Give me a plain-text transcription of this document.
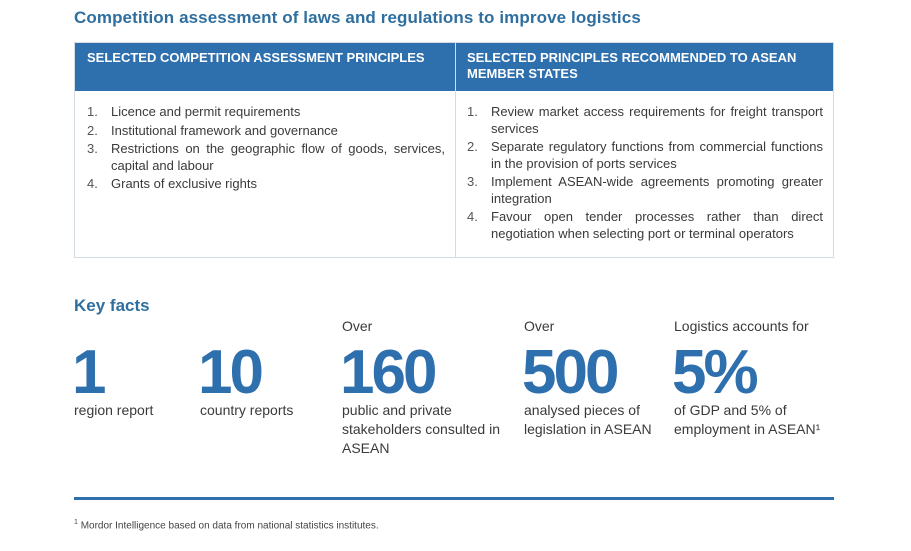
Competition assessment of laws and regulations to improve logistics
SELECTED COMPETITION ASSESSMENT PRINCIPLES	SELECTED PRINCIPLES RECOMMENDED TO ASEAN MEMBER STATES
1. Licence and permit requirements
2. Institutional framework and governance
3. Restrictions on the geographic flow of goods, services, capital and labour
4. Grants of exclusive rights
1. Review market access requirements for freight transport services
2. Separate regulatory functions from commercial functions in the provision of ports services
3. Implement ASEAN-wide agreements promoting greater integration
4. Favour open tender processes rather than direct negotiation when selecting port or terminal operators
Key facts
1
region report
10
country reports
Over
160
public and private stakeholders consulted in ASEAN
Over
500
analysed pieces of legislation in ASEAN
Logistics accounts for
5%
of GDP and 5% of employment in ASEAN¹
$^1$ Mordor Intelligence based on data from national statistics institutes.
